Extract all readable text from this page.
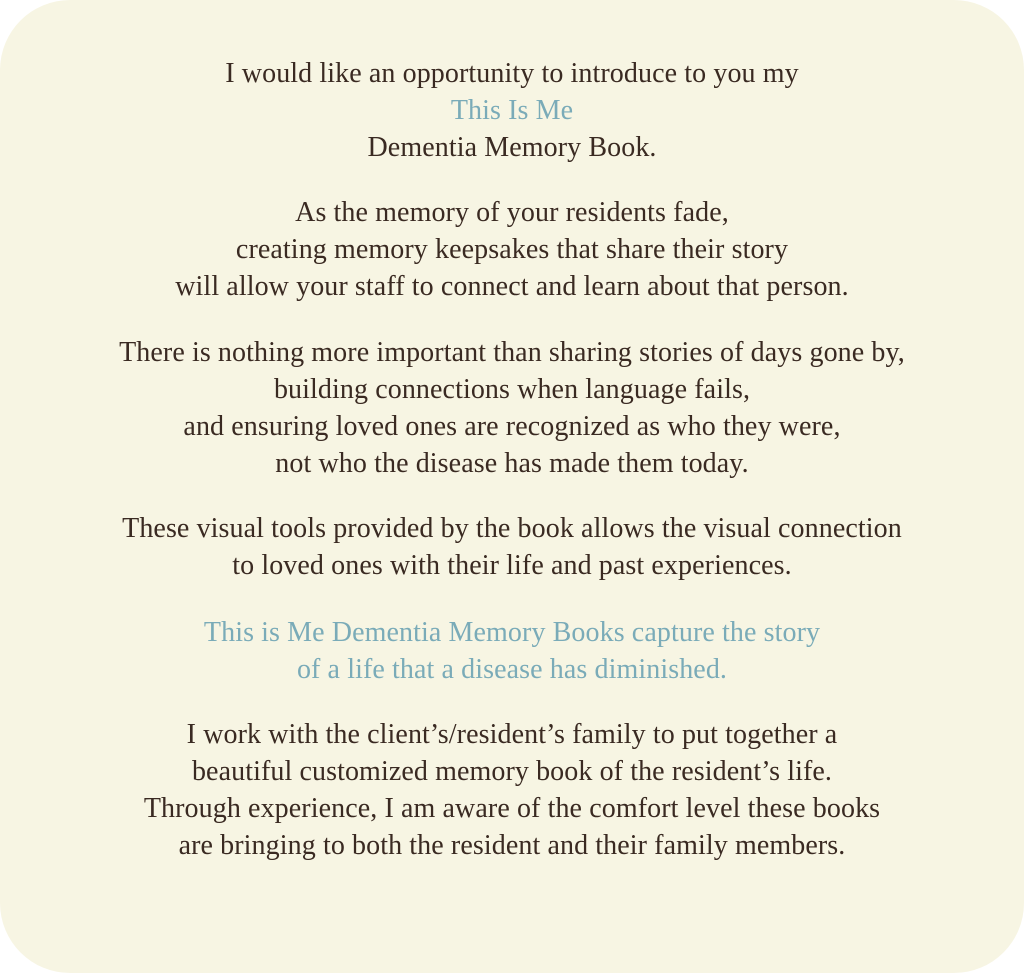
I would like an opportunity to introduce to you my
This Is Me
Dementia Memory Book.

As the memory of your residents fade,
creating memory keepsakes that share their story
will allow your staff to connect and learn about that person.

There is nothing more important than sharing stories of days gone by,
building connections when language fails,
and ensuring loved ones are recognized as who they were,
not who the disease has made them today.

These visual tools provided by the book allows the visual connection
to loved ones with their life and past experiences.

This is Me Dementia Memory Books capture the story
of a life that a disease has diminished.

I work with the client’s/resident’s family to put together a
beautiful customized memory book of the resident’s life.
Through experience, I am aware of the comfort level these books
are bringing to both the resident and their family members.
